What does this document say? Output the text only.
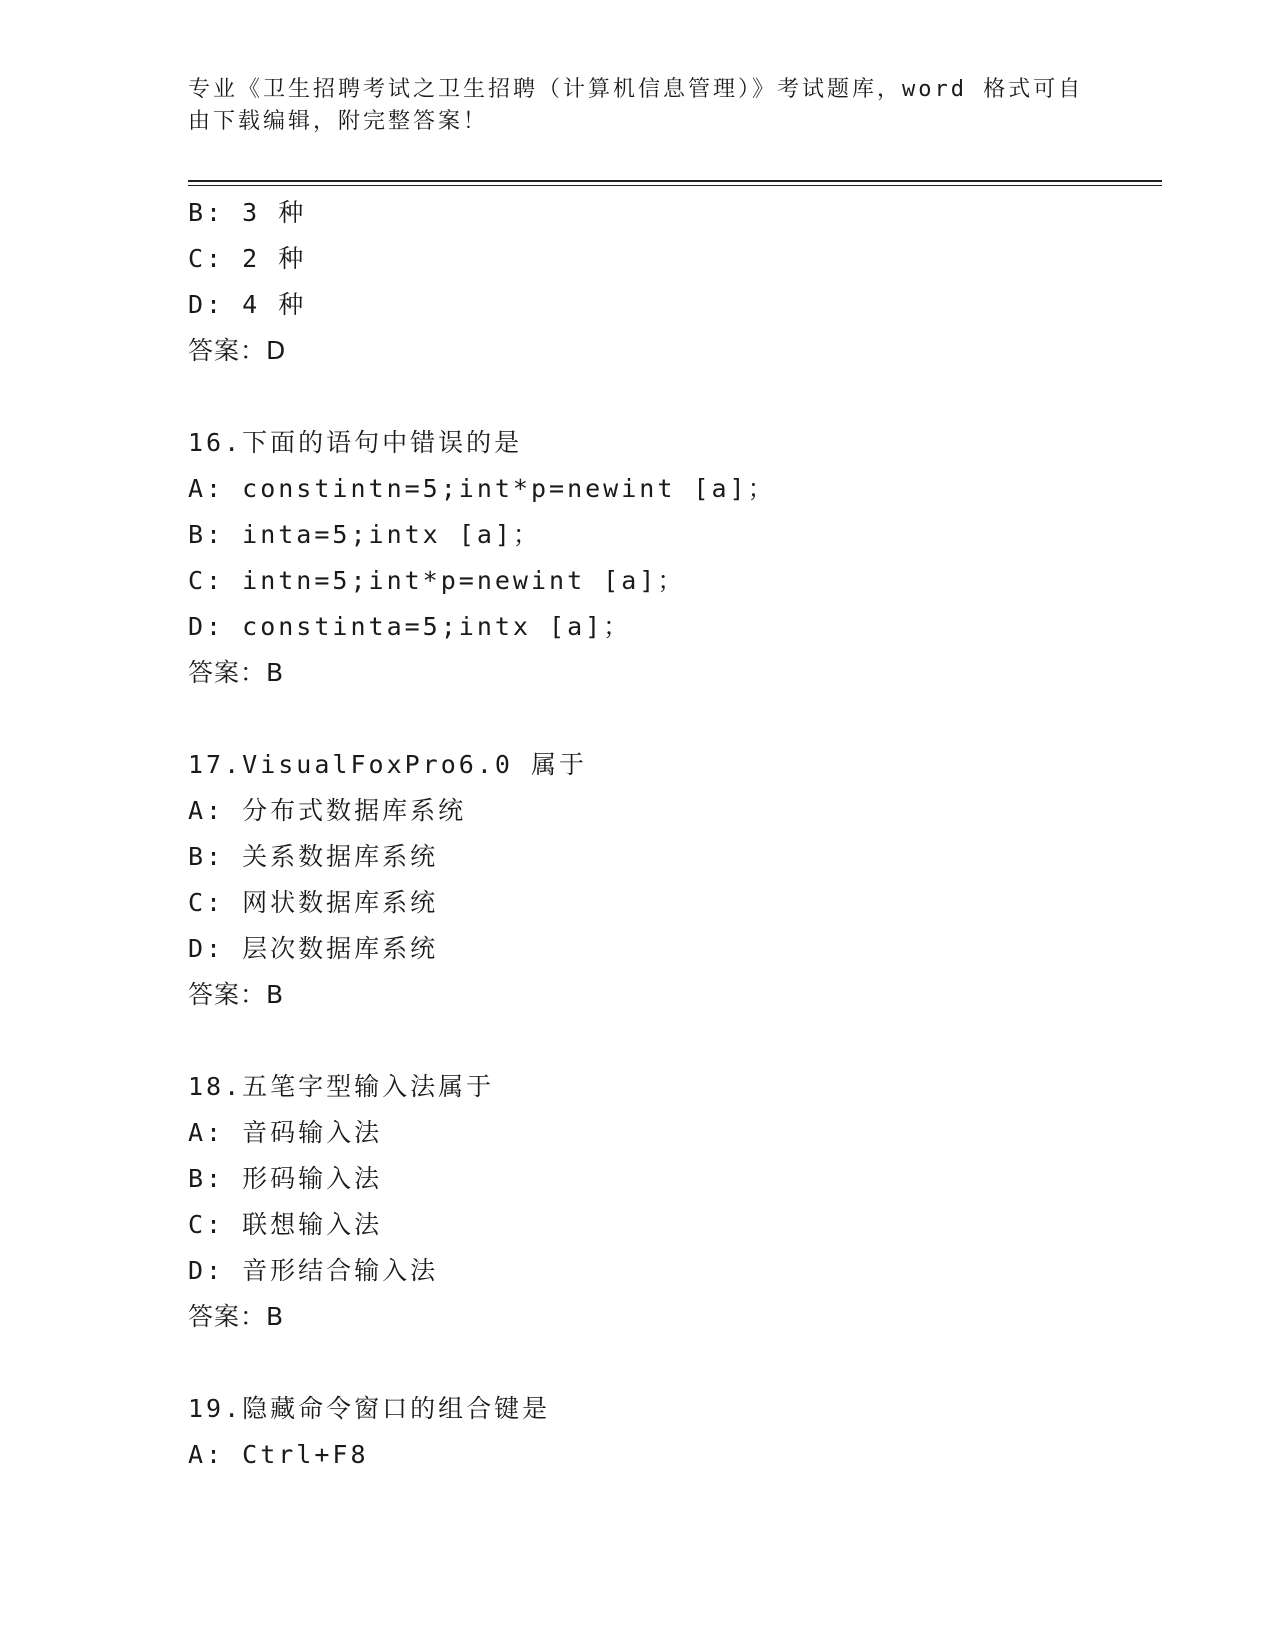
专业《卫生招聘考试之卫生招聘（计算机信息管理）》考试题库，word 格式可自
由下载编辑，附完整答案！
B: 3 种
C: 2 种
D: 4 种
答案：D
16.下面的语句中错误的是
A: constintn=5;int*p=newint [a]；
B: inta=5;intx [a]；
C: intn=5;int*p=newint [a]；
D: constinta=5;intx [a]；
答案：B
17.VisualFoxPro6.0 属于
A: 分布式数据库系统
B: 关系数据库系统
C: 网状数据库系统
D: 层次数据库系统
答案：B
18.五笔字型输入法属于
A: 音码输入法
B: 形码输入法
C: 联想输入法
D: 音形结合输入法
答案：B
19.隐藏命令窗口的组合键是
A: Ctrl+F8
